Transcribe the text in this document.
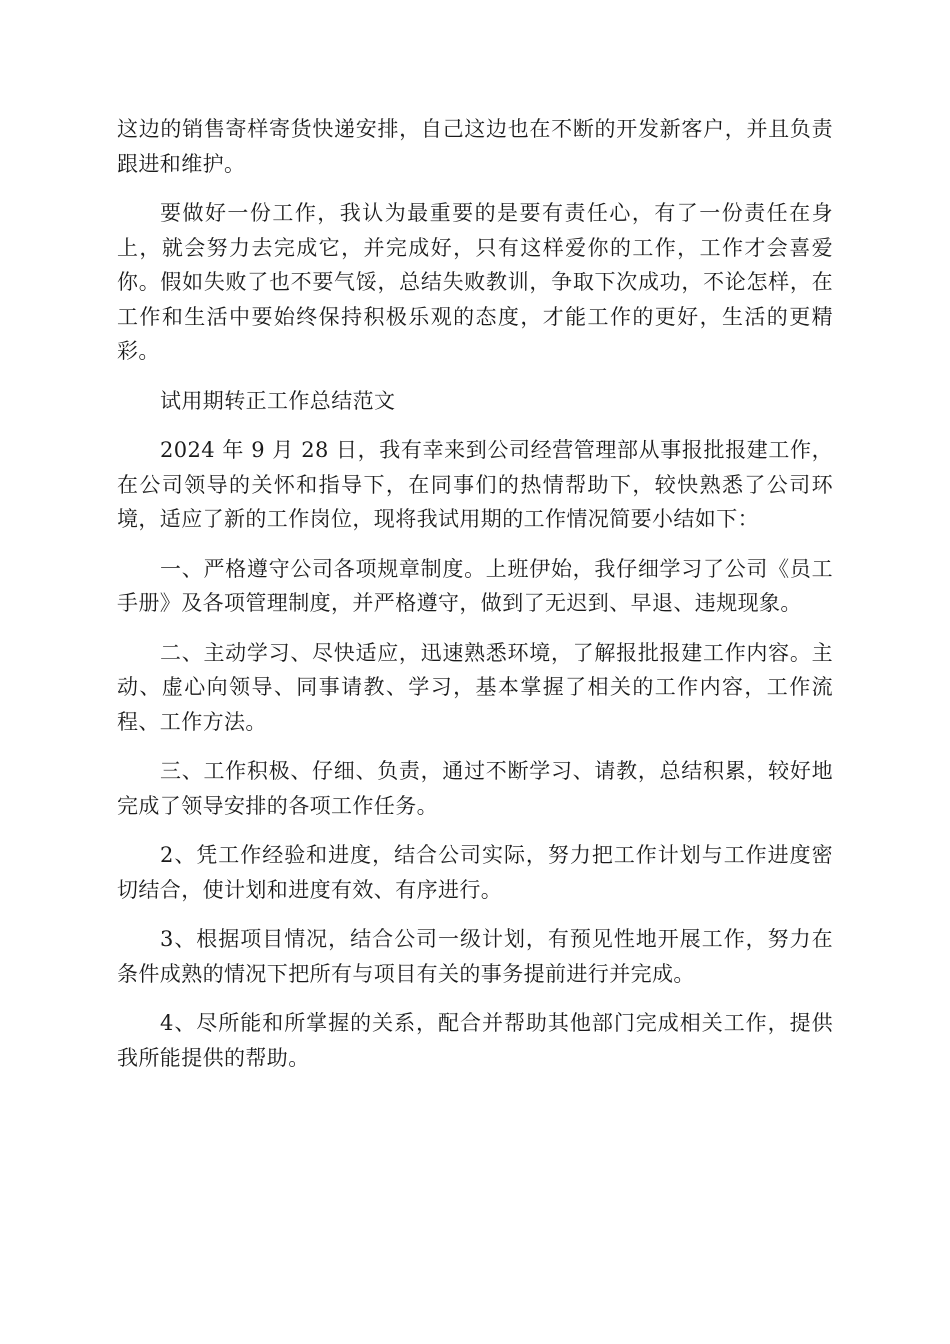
这边的销售寄样寄货快递安排，自己这边也在不断的开发新客户，并且负责跟进和维护。

要做好一份工作，我认为最重要的是要有责任心，有了一份责任在身上，就会努力去完成它，并完成好，只有这样爱你的工作，工作才会喜爱你。假如失败了也不要气馁，总结失败教训，争取下次成功，不论怎样，在工作和生活中要始终保持积极乐观的态度，才能工作的更好，生活的更精彩。

试用期转正工作总结范文

2024 年 9 月 28 日，我有幸来到公司经营管理部从事报批报建工作，在公司领导的关怀和指导下，在同事们的热情帮助下，较快熟悉了公司环境，适应了新的工作岗位，现将我试用期的工作情况简要小结如下：

一、严格遵守公司各项规章制度。上班伊始，我仔细学习了公司《员工手册》及各项管理制度，并严格遵守，做到了无迟到、早退、违规现象。

二、主动学习、尽快适应，迅速熟悉环境，了解报批报建工作内容。主动、虚心向领导、同事请教、学习，基本掌握了相关的工作内容，工作流程、工作方法。

三、工作积极、仔细、负责，通过不断学习、请教，总结积累，较好地完成了领导安排的各项工作任务。

2、凭工作经验和进度，结合公司实际，努力把工作计划与工作进度密切结合，使计划和进度有效、有序进行。

3、根据项目情况，结合公司一级计划，有预见性地开展工作，努力在条件成熟的情况下把所有与项目有关的事务提前进行并完成。

4、尽所能和所掌握的关系，配合并帮助其他部门完成相关工作，提供我所能提供的帮助。
